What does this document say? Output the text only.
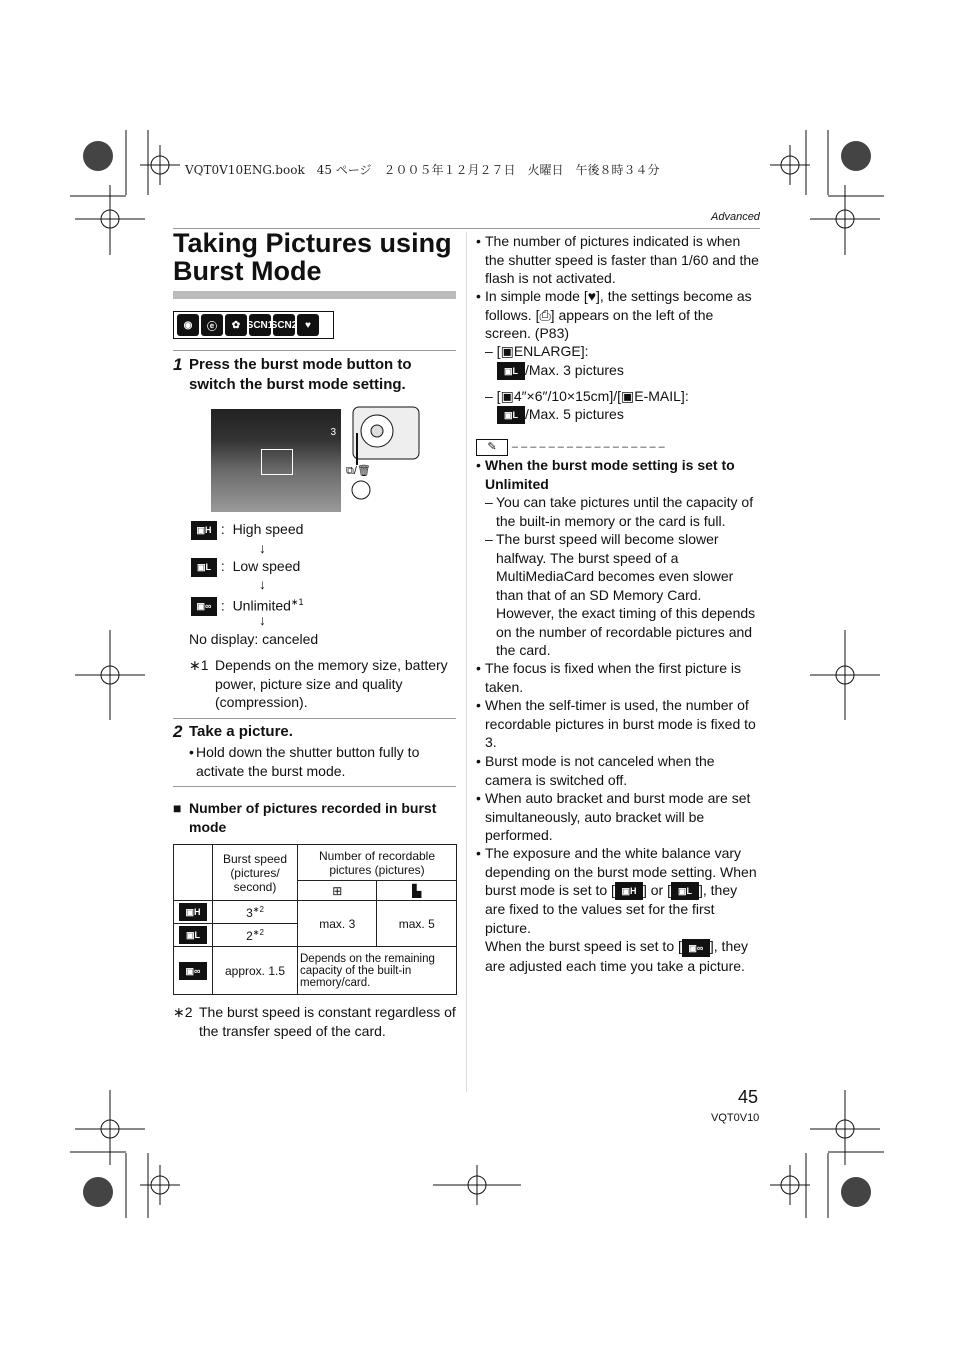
VQT0V10ENG.book　45 ページ　２００５年１２月２７日　火曜日　午後８時３４分
Advanced
Taking Pictures using Burst Mode
◉	ⓔ	✿ SCN1
SCN2 ♥
1 Press the burst mode button to switch the burst mode setting.
3
⧉/🗑
▣H :  High speed
↓
▣L :  Low speed
↓
▣∞ :  Unlimited$^{∗1}$
↓
No display: canceled
∗1 Depends on the memory size, battery power, picture size and quality (compression).
2 Take a picture.
• Hold down the shutter button fully to activate the burst mode.
■ Number of pictures recorded in burst mode
	Burst speed (pictures/ second)	Number of recordable pictures (pictures)	
		⊞	▙
▣H	$3^{∗2}$	max. 3	max. 5
▣L	$2^{∗2}$
▣∞	approx. 1.5	Depends on the remaining capacity of the built-in memory/card.	
∗2 The burst speed is constant regardless of the transfer speed of the card.
• The number of pictures indicated is when the shutter speed is faster than 1/60 and the flash is not activated.
• In simple mode [♥], the settings become as follows. [⎙] appears on the left of the screen. (P83)
– [▣ENLARGE]:
▣L /Max. 3 pictures
– [▣4″×6″/10×15cm]/[▣E-MAIL]:
▣L /Max. 5 pictures
✎ – – – – – – – – – – – – – – – – –
• When the burst mode setting is set to Unlimited
– You can take pictures until the capacity of the built-in memory or the card is full.
– The burst speed will become slower halfway. The burst speed of a MultiMediaCard becomes even slower than that of an SD Memory Card. However, the exact timing of this depends on the number of recordable pictures and the card.
• The focus is fixed when the first picture is taken.
• When the self-timer is used, the number of recordable pictures in burst mode is fixed to 3.
• Burst mode is not canceled when the camera is switched off.
• When auto bracket and burst mode are set simultaneously, auto bracket will be performed.
• The exposure and the white balance vary depending on the burst mode setting. When burst mode is set to [ ▣H ] or [ ▣L ], they are fixed to the values set for the first picture.
When the burst speed is set to [ ▣∞ ], they are adjusted each time you take a picture.
45
VQT0V10
